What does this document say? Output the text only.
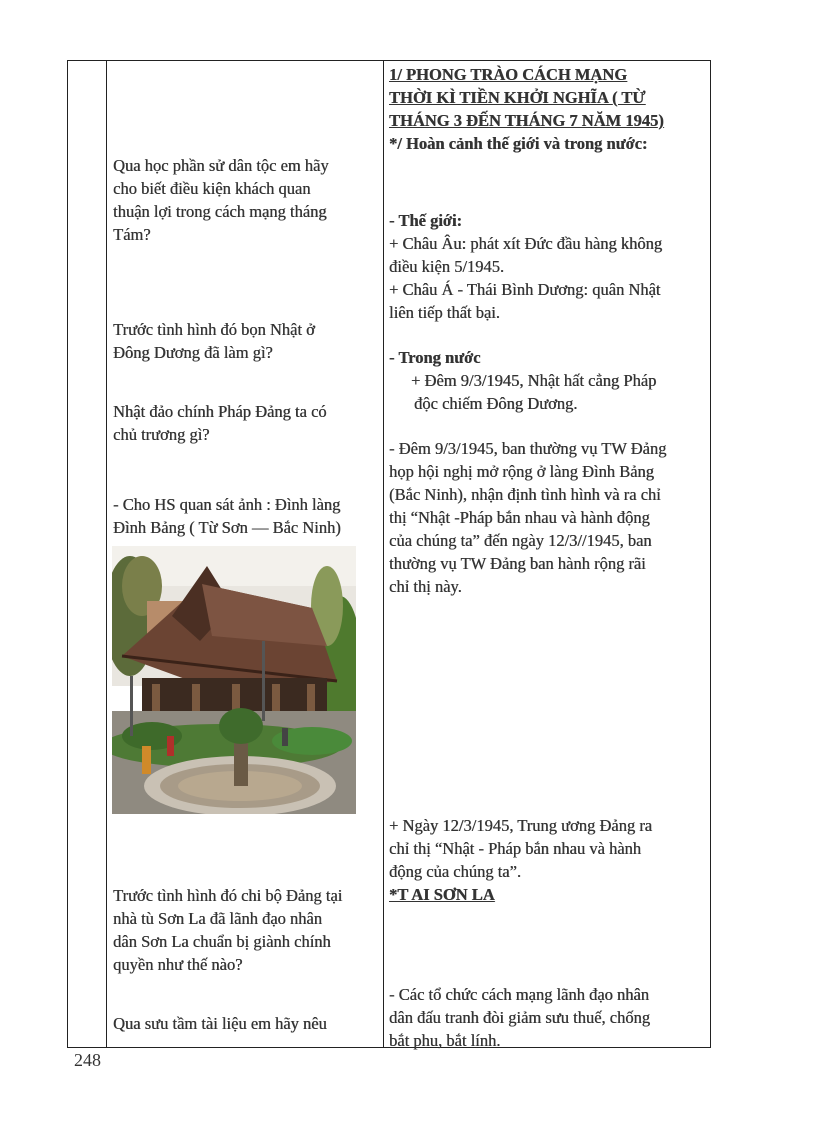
Qua học phần sử dân tộc em hãy
cho biết điều kiện khách quan
thuận lợi trong cách mạng tháng
Tám?
Trước tình hình đó bọn Nhật ở
Đông Dương đã làm gì?
Nhật đảo chính Pháp Đảng ta có
chủ trương gì?
- Cho HS quan sát ảnh : Đình làng
Đình Bảng ( Từ Sơn — Bắc Ninh)
Trước tình hình đó chi bộ Đảng tại
nhà tù Sơn La đã lãnh đạo nhân
dân Sơn La chuẩn bị giành chính
quyền như thế nào?
Qua sưu tầm tài liệu em hãy nêu
1/ PHONG TRÀO CÁCH MẠNG
THỜI KÌ TIỀN KHỞI NGHĨA ( TỪ
THÁNG 3 ĐẾN THÁNG 7 NĂM 1945)
*/ Hoàn cảnh thế giới và trong nước:
- Thế giới:
+ Châu Âu: phát xít Đức đầu hàng không
điều kiện 5/1945.
+ Châu Á - Thái Bình Dương: quân Nhật
liên tiếp thất bại.
- Trong nước
+ Đêm 9/3/1945, Nhật hất cẳng Pháp
độc chiếm Đông Dương.
- Đêm 9/3/1945, ban thường vụ TW Đảng
họp hội nghị mở rộng ở làng Đình Bảng
(Bắc Ninh), nhận định tình hình và ra chỉ
thị “Nhật -Pháp bắn nhau và hành động
của chúng ta” đến ngày 12/3//1945, ban
thường vụ TW Đảng ban hành rộng rãi
chỉ thị này.
+ Ngày 12/3/1945, Trung ương Đảng ra
chỉ thị “Nhật - Pháp bắn nhau và hành
động của chúng ta”.
*T AI SƠN LA
- Các tổ chức cách mạng lãnh đạo nhân
dân đấu tranh đòi giảm sưu thuế, chống
bắt phu, bắt lính.
248
